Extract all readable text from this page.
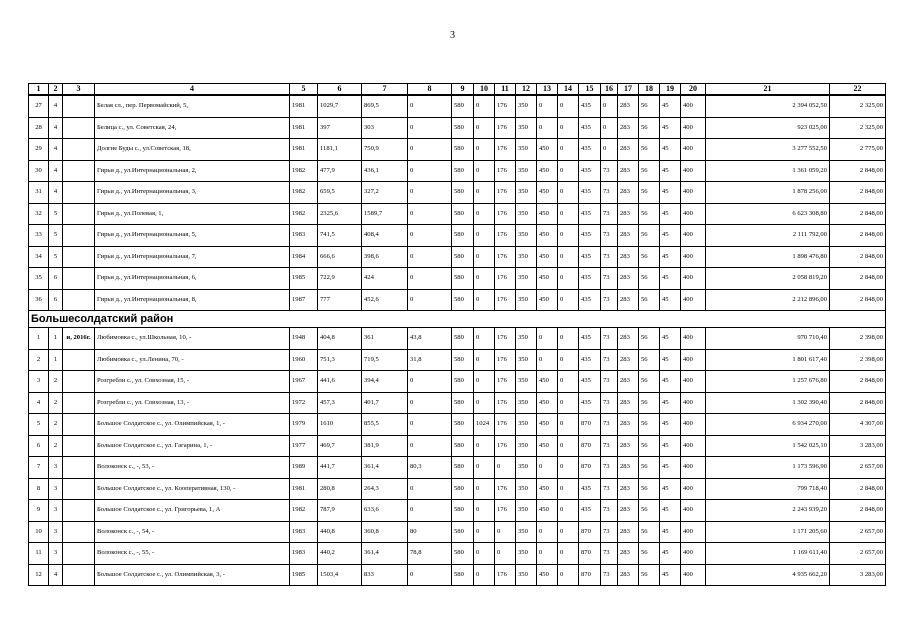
3
1	2	3	4	5	6	7	8	9	10	11	12	13	14	15	16	17	18	19	20	21	22
27	4		Белая сл., пер. Первомайский, 5,	1981	1029,7	869,5	0	580	0	176	350	0	0	435	0	283	56	45	400	2 394 052,50	2 325,00
28	4		Белица с., ул. Советская, 24,	1981	397	303	0	580	0	176	350	0	0	435	0	283	56	45	400	923 025,00	2 325,00
29	4		Долгие Буды с., ул.Советская, 18,	1981	1181,1	750,9	0	580	0	176	350	450	0	435	0	283	56	45	400	3 277 552,50	2 775,00
30	4		Гирьи д., ул.Интернациональная, 2,	1982	477,9	436,1	0	580	0	176	350	450	0	435	73	283	56	45	400	1 361 059,20	2 848,00
31	4		Гирьи д., ул.Интернациональная, 3,	1982	659,5	327,2	0	580	0	176	350	450	0	435	73	283	56	45	400	1 878 256,00	2 848,00
32	5		Гирьи д., ул.Полевая, 1,	1982	2325,6	1589,7	0	580	0	176	350	450	0	435	73	283	56	45	400	6 623 308,80	2 848,00
33	5		Гирьи д., ул.Интернациональная, 5,	1983	741,5	408,4	0	580	0	176	350	450	0	435	73	283	56	45	400	2 111 792,00	2 848,00
34	5		Гирьи д., ул.Интернациональная, 7,	1984	666,6	398,6	0	580	0	176	350	450	0	435	73	283	56	45	400	1 898 476,80	2 848,00
35	6		Гирьи д., ул.Интернациональная, 6,	1985	722,9	424	0	580	0	176	350	450	0	435	73	283	56	45	400	2 058 819,20	2 848,00
36	6		Гирьи д., ул.Интернациональная, 8,	1987	777	452,6	0	580	0	176	350	450	0	435	73	283	56	45	400	2 212 896,00	2 848,00
Большесолдатский район																					
1	1	и, 2016г.	Любимовка с., ул.Школьная, 10, -	1948	404,8	361	43,8	580	0	176	350	0	0	435	73	283	56	45	400	970 710,40	2 398,00
2	1		Любимовка с., ул.Ленина, 70, -	1960	751,3	719,5	31,8	580	0	176	350	0	0	435	73	283	56	45	400	1 801 617,40	2 398,00
3	2		Розгребли с., ул. Совхозная, 15, -	1967	441,6	394,4	0	580	0	176	350	450	0	435	73	283	56	45	400	1 257 676,80	2 848,00
4	2		Розгребли с., ул. Совхозная, 13, -	1972	457,3	401,7	0	580	0	176	350	450	0	435	73	283	56	45	400	1 302 390,40	2 848,00
5	2		Большое Солдатское с., ул. Олимпийская, 1, -	1979	1610	855,5	0	580	1024	176	350	450	0	870	73	283	56	45	400	6 934 270,00	4 307,00
6	2		Большое Солдатское с., ул. Гагарина, 1, -	1977	469,7	381,9	0	580	0	176	350	450	0	870	73	283	56	45	400	1 542 025,10	3 283,00
7	3		Волоконск с., -, 53, -	1989	441,7	361,4	80,3	580	0	0	350	0	0	870	73	283	56	45	400	1 173 596,90	2 657,00
8	3		Большое Солдатское с., ул. Кооперативная, 130, -	1981	280,8	264,3	0	580	0	176	350	450	0	435	73	283	56	45	400	799 718,40	2 848,00
9	3		Большое Солдатское с., ул. Григорьева, 1, А	1982	787,9	633,6	0	580	0	176	350	450	0	435	73	283	56	45	400	2 243 939,20	2 848,00
10	3		Волоконск с., -, 54, -	1983	440,8	360,8	80	580	0	0	350	0	0	870	73	283	56	45	400	1 171 205,60	2 657,00
11	3		Волоконск с., -, 55, -	1983	440,2	361,4	78,8	580	0	0	350	0	0	870	73	283	56	45	400	1 169 611,40	2 657,00
12	4		Большое Солдатское с., ул. Олимпийская, 3, -	1985	1503,4	833	0	580	0	176	350	450	0	870	73	283	56	45	400	4 935 662,20	3 283,00
